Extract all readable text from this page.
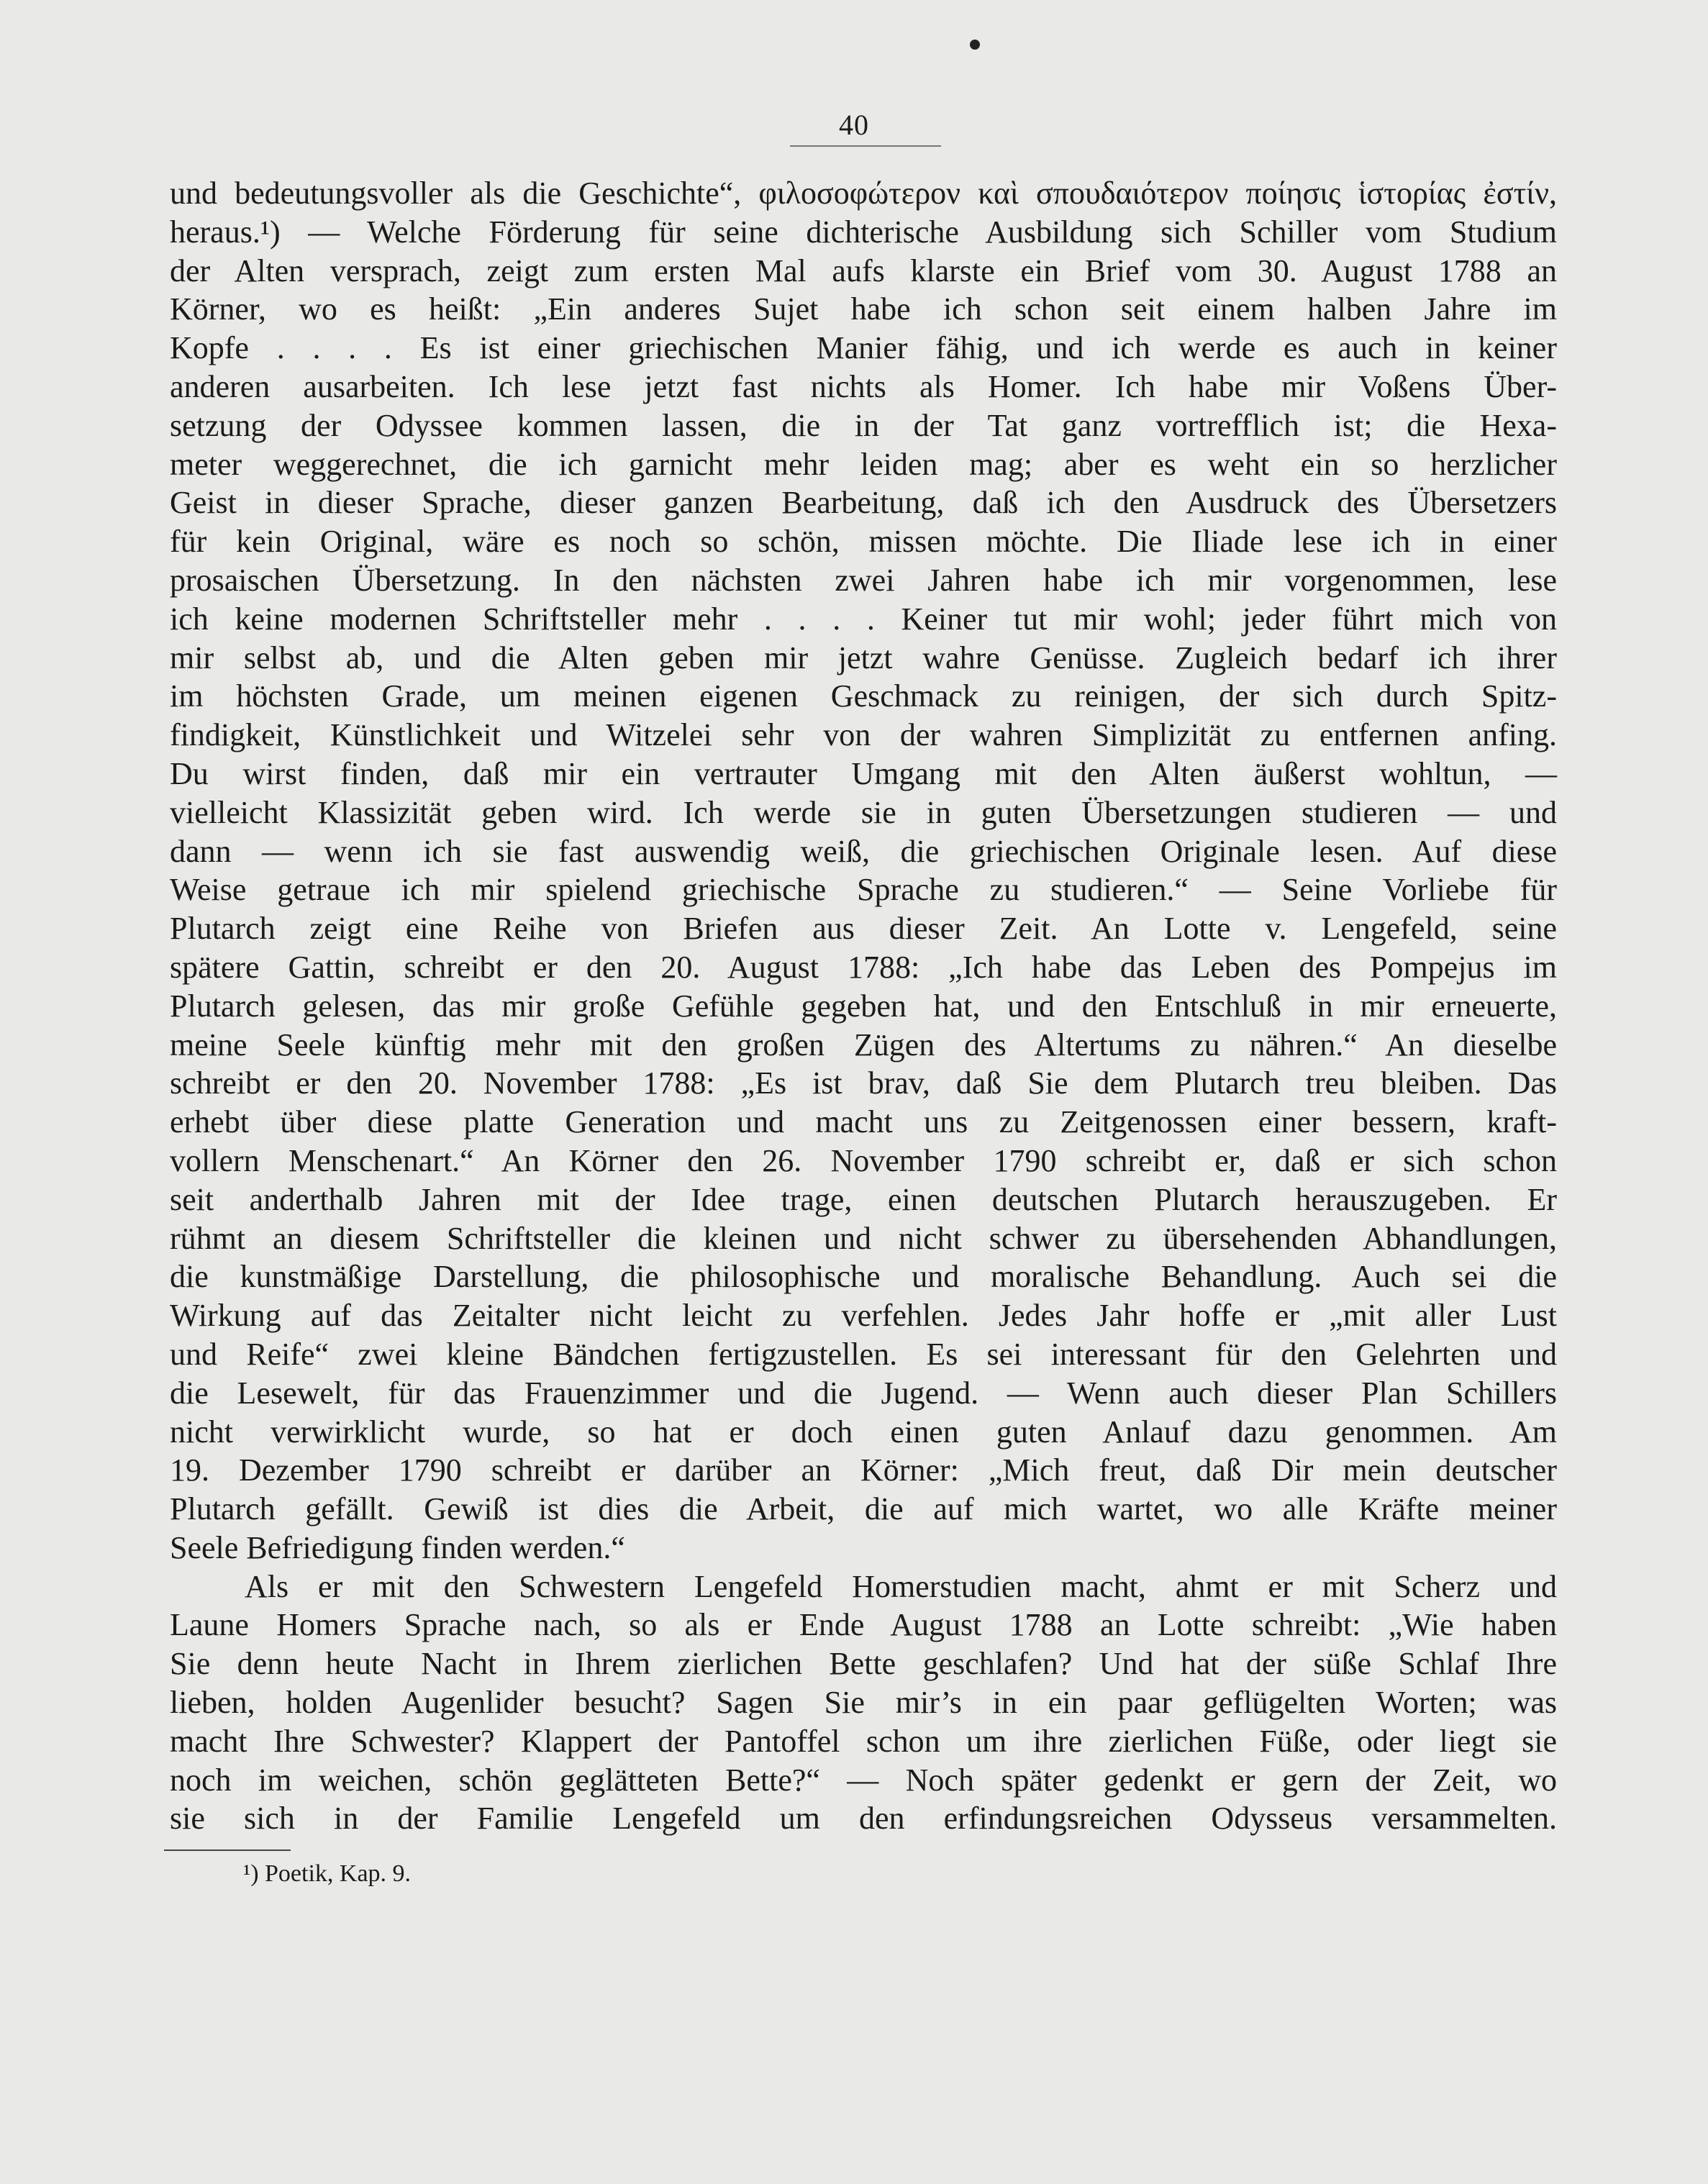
40
und bedeutungsvoller als die Geschichte“, φιλοσοφώτερον καὶ σπουδαιότερον ποίησις ἱστορίας ἐστίν,
heraus.¹) — Welche Förderung für seine dichterische Ausbildung sich Schiller vom Studium
der Alten versprach, zeigt zum ersten Mal aufs klarste ein Brief vom 30. August 1788 an
Körner, wo es heißt: „Ein anderes Sujet habe ich schon seit einem halben Jahre im
Kopfe . . . . Es ist einer griechischen Manier fähig, und ich werde es auch in keiner
anderen ausarbeiten. Ich lese jetzt fast nichts als Homer. Ich habe mir Voßens Über-
setzung der Odyssee kommen lassen, die in der Tat ganz vortrefflich ist; die Hexa-
meter weggerechnet, die ich garnicht mehr leiden mag; aber es weht ein so herzlicher
Geist in dieser Sprache, dieser ganzen Bearbeitung, daß ich den Ausdruck des Übersetzers
für kein Original, wäre es noch so schön, missen möchte. Die Iliade lese ich in einer
prosaischen Übersetzung. In den nächsten zwei Jahren habe ich mir vorgenommen, lese
ich keine modernen Schriftsteller mehr . . . . Keiner tut mir wohl; jeder führt mich von
mir selbst ab, und die Alten geben mir jetzt wahre Genüsse. Zugleich bedarf ich ihrer
im höchsten Grade, um meinen eigenen Geschmack zu reinigen, der sich durch Spitz-
findigkeit, Künstlichkeit und Witzelei sehr von der wahren Simplizität zu entfernen anfing.
Du wirst finden, daß mir ein vertrauter Umgang mit den Alten äußerst wohltun, —
vielleicht Klassizität geben wird. Ich werde sie in guten Übersetzungen studieren — und
dann — wenn ich sie fast auswendig weiß, die griechischen Originale lesen. Auf diese
Weise getraue ich mir spielend griechische Sprache zu studieren.“ — Seine Vorliebe für
Plutarch zeigt eine Reihe von Briefen aus dieser Zeit. An Lotte v. Lengefeld, seine
spätere Gattin, schreibt er den 20. August 1788: „Ich habe das Leben des Pompejus im
Plutarch gelesen, das mir große Gefühle gegeben hat, und den Entschluß in mir erneuerte,
meine Seele künftig mehr mit den großen Zügen des Altertums zu nähren.“ An dieselbe
schreibt er den 20. November 1788: „Es ist brav, daß Sie dem Plutarch treu bleiben. Das
erhebt über diese platte Generation und macht uns zu Zeitgenossen einer bessern, kraft-
vollern Menschenart.“ An Körner den 26. November 1790 schreibt er, daß er sich schon
seit anderthalb Jahren mit der Idee trage, einen deutschen Plutarch herauszugeben. Er
rühmt an diesem Schriftsteller die kleinen und nicht schwer zu übersehenden Abhandlungen,
die kunstmäßige Darstellung, die philosophische und moralische Behandlung. Auch sei die
Wirkung auf das Zeitalter nicht leicht zu verfehlen. Jedes Jahr hoffe er „mit aller Lust
und Reife“ zwei kleine Bändchen fertigzustellen. Es sei interessant für den Gelehrten und
die Lesewelt, für das Frauenzimmer und die Jugend. — Wenn auch dieser Plan Schillers
nicht verwirklicht wurde, so hat er doch einen guten Anlauf dazu genommen. Am
19. Dezember 1790 schreibt er darüber an Körner: „Mich freut, daß Dir mein deutscher
Plutarch gefällt. Gewiß ist dies die Arbeit, die auf mich wartet, wo alle Kräfte meiner
Seele Befriedigung finden werden.“
Als er mit den Schwestern Lengefeld Homerstudien macht, ahmt er mit Scherz und
Laune Homers Sprache nach, so als er Ende August 1788 an Lotte schreibt: „Wie haben
Sie denn heute Nacht in Ihrem zierlichen Bette geschlafen? Und hat der süße Schlaf Ihre
lieben, holden Augenlider besucht? Sagen Sie mir’s in ein paar geflügelten Worten; was
macht Ihre Schwester? Klappert der Pantoffel schon um ihre zierlichen Füße, oder liegt sie
noch im weichen, schön geglätteten Bette?“ — Noch später gedenkt er gern der Zeit, wo
sie sich in der Familie Lengefeld um den erfindungsreichen Odysseus versammelten.
¹) Poetik, Kap. 9.
